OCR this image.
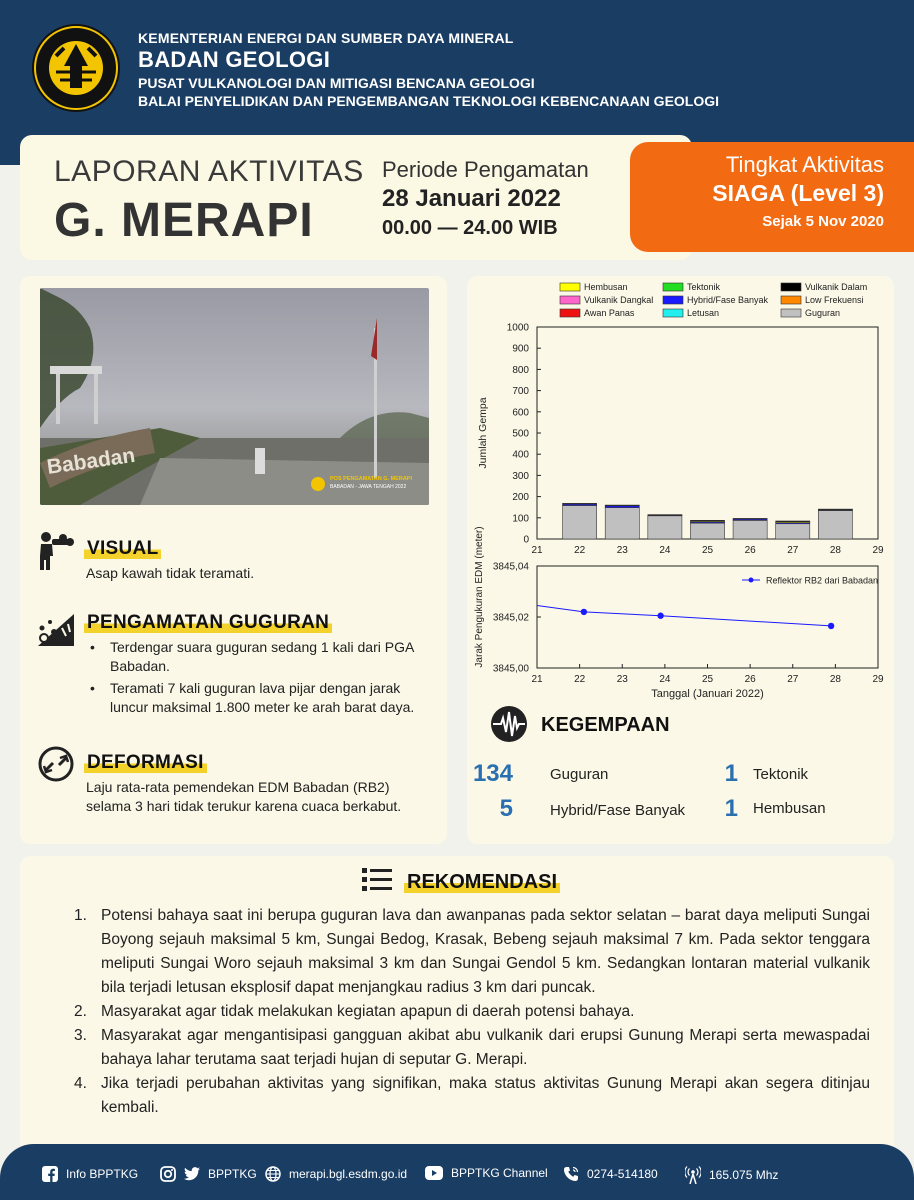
KEMENTERIAN ENERGI DAN SUMBER DAYA MINERAL
BADAN GEOLOGI
PUSAT VULKANOLOGI DAN MITIGASI BENCANA GEOLOGI
BALAI PENYELIDIKAN DAN PENGEMBANGAN TEKNOLOGI KEBENCANAAN GEOLOGI
LAPORAN AKTIVITAS
G. MERAPI
Periode Pengamatan
28 Januari 2022
00.00 — 24.00 WIB
Tingkat Aktivitas
SIAGA (Level 3)
Sejak 5 Nov 2020
Babadan
POS PENGAMATAN G. MERAPI
BABADAN - JAWA TENGAH 2022
VISUAL
Asap kawah tidak teramati.
PENGAMATAN GUGURAN
• Terdengar suara guguran sedang 1 kali dari PGA Babadan.
• Teramati 7 kali guguran lava pijar dengan jarak luncur maksimal 1.800 meter ke arah barat daya.
DEFORMASI
Laju rata-rata pemendekan EDM Babadan (RB2) selama 3 hari tidak terukur karena cuaca berkabut.
Hembusan	Tektonik	Vulkanik Dalam
Vulkanik Dangkal	Hybrid/Fase Banyak	Low Frekuensi
Awan Panas	Letusan	Guguran
0
100
200
300
400
500
600
700
800
900
1000
21	22	23	24	25	26	27	28	29
Jumlah Gempa
3845,00
3845,02
3845,04
21	22	23	24	25	26	27	28	29
Tanggal (Januari 2022)
Jarak Pengukuran EDM (meter)	Reflektor RB2 dari Babadan
KEGEMPAAN
134 Guguran	1 Tektonik
5 Hybrid/Fase Banyak	1 Hembusan
REKOMENDASI
1. Potensi bahaya saat ini berupa guguran lava dan awanpanas pada sektor selatan – barat daya meliputi Sungai Boyong sejauh maksimal 5 km, Sungai Bedog, Krasak, Bebeng sejauh maksimal 7 km. Pada sektor tenggara meliputi Sungai Woro sejauh maksimal 3 km dan Sungai Gendol 5 km. Sedangkan lontaran material vulkanik bila terjadi letusan eksplosif dapat menjangkau radius 3 km dari puncak.
2. Masyarakat agar tidak melakukan kegiatan apapun di daerah potensi bahaya.
3. Masyarakat agar mengantisipasi gangguan akibat abu vulkanik dari erupsi Gunung Merapi serta mewaspadai bahaya lahar terutama saat terjadi hujan di seputar G. Merapi.
4. Jika terjadi perubahan aktivitas yang signifikan, maka status aktivitas Gunung Merapi akan segera ditinjau kembali.
Info BPPTKG	BPPTKG	merapi.bgl.esdm.go.id	BPPTKG Channel	0274-514180	165.075 Mhz
